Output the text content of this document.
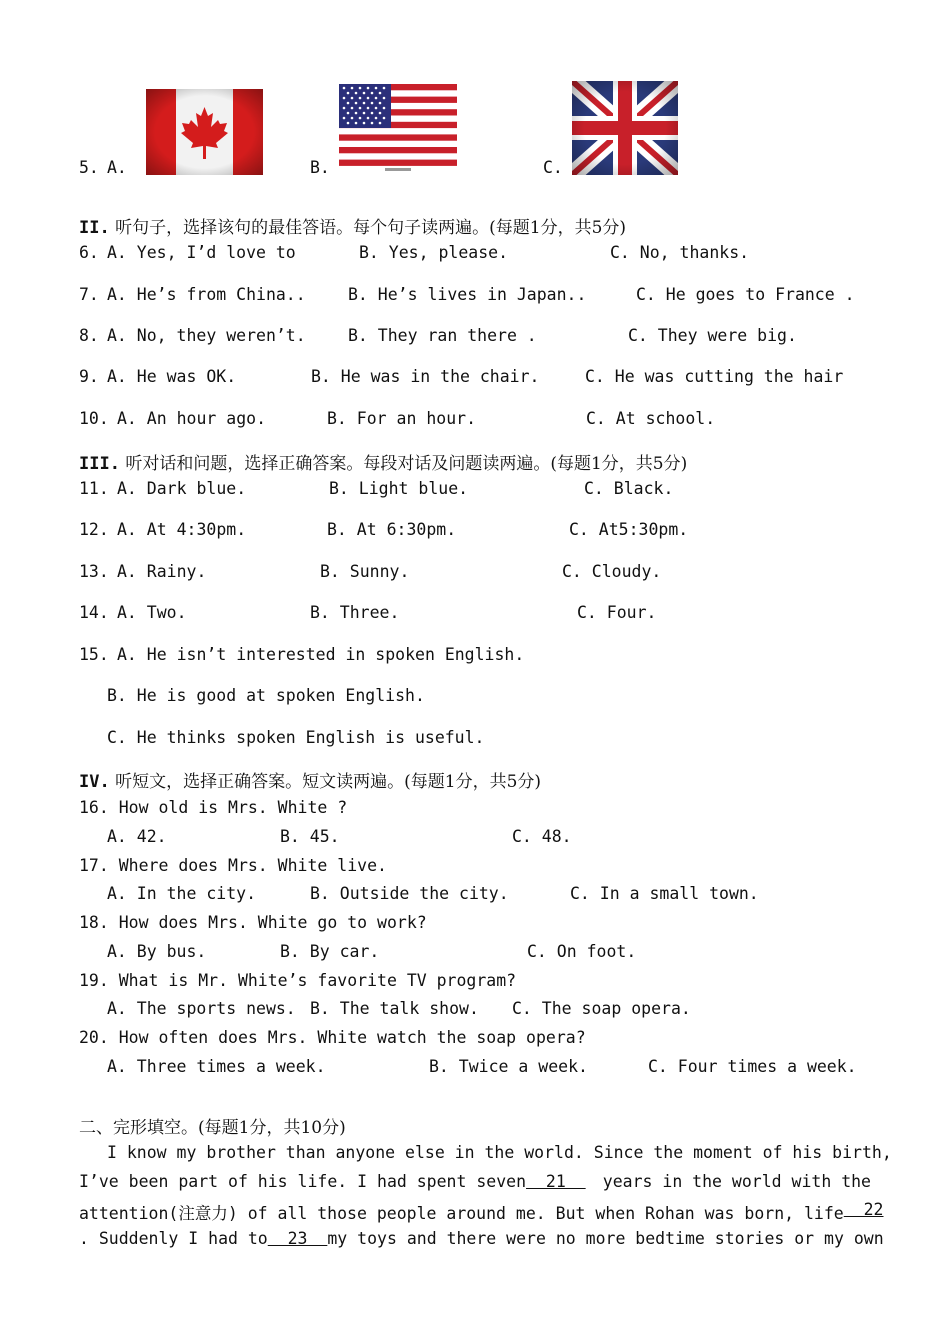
5. A.	B.	C.
II. 听句子，选择该句的最佳答语。每个句子读两遍。(每题1分，共5分)
6. A. Yes, I’d love to	B. Yes, please.	C. No, thanks.
7. A. He’s from China..	B. He’s lives in Japan..	C. He goes to France .
8. A. No, they weren’t.	B. They ran there .	C. They were big.
9. A. He was OK.	B. He was in the chair.	C. He was cutting the hair
10. A. An hour ago.	B. For an hour.	C. At school.
III. 听对话和问题，选择正确答案。每段对话及问题读两遍。(每题1分，共5分)
11. A. Dark blue.	B. Light blue.	C. Black.
12. A. At 4:30pm.	B. At 6:30pm.	C. At5:30pm.
13. A. Rainy.	B. Sunny.	C. Cloudy.
14. A. Two.	B. Three.	C. Four.
15. A. He isn’t interested in spoken English.
B. He is good at spoken English.
C. He thinks spoken English is useful.
IV. 听短文，选择正确答案。短文读两遍。(每题1分，共5分)
16. How old is Mrs. White ?
A. 42.	B. 45.	C. 48.
17. Where does Mrs. White live.
A. In the city.	B. Outside the city.	C. In a small town.
18. How does Mrs. White go to work?
A. By bus.	B. By car.	C. On foot.
19. What is Mr. White’s favorite TV program?
A. The sports news. B. The talk show. C. The soap opera.
20. How often does Mrs. White watch the soap opera?
A. Three times a week.	B. Twice a week.	C. Four times a week.
二、完形填空。(每题1分，共10分)
I know my brother than anyone else in the world. Since the moment of his birth,
I’ve been part of his life. I had spent seven  21 years in the world with the
attention(注意力) of all those people around me. But when Rohan was born, life 22
. Suddenly I had to  23 my toys and there were no more bedtime stories or my own
